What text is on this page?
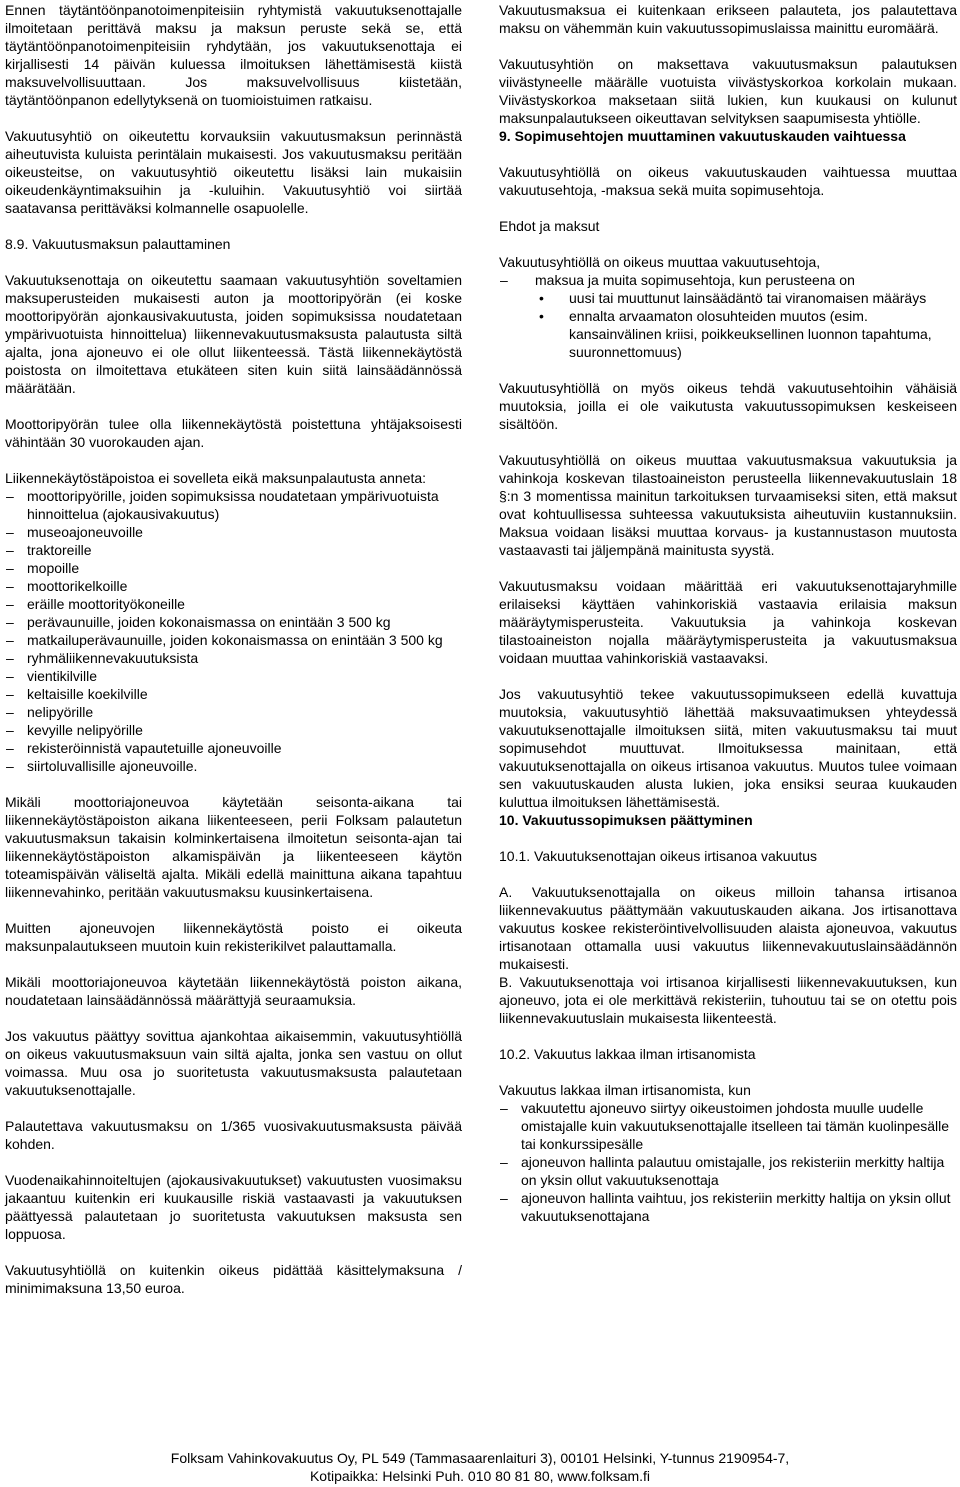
Ennen täytäntöönpanotoimenpiteisiin ryhtymistä vakuutuksenottajalle ilmoitetaan perittävä maksu ja maksun peruste sekä se, että täytäntöönpanotoimenpiteisiin ryhdytään, jos vakuutuksenottaja ei kirjallisesti 14 päivän kuluessa ilmoituksen lähettämisestä kiistä maksuvelvollisuuttaan. Jos maksuvelvollisuus kiistetään, täytäntöönpanon edellytyksenä on tuomioistuimen ratkaisu.

Vakuutusyhtiö on oikeutettu korvauksiin vakuutusmaksun perinnästä aiheutuvista kuluista perintälain mukaisesti. Jos vakuutusmaksu peritään oikeusteitse, on vakuutusyhtiö oikeutettu lisäksi lain mukaisiin oikeudenkäyntimaksuihin ja -kuluihin. Vakuutusyhtiö voi siirtää saatavansa perittäväksi kolmannelle osapuolelle.

8.9. Vakuutusmaksun palauttaminen

Vakuutuksenottaja on oikeutettu saamaan vakuutusyhtiön soveltamien maksuperusteiden mukaisesti auton ja moottoripyörän (ei koske moottoripyörän ajonkausivakuutusta, joiden sopimuksissa noudatetaan ympärivuotuista hinnoittelua) liikennevakuutusmaksusta palautusta siltä ajalta, jona ajoneuvo ei ole ollut liikenteessä. Tästä liikennekäytöstä poistosta on ilmoitettava etukäteen siten kuin siitä lainsäädännössä määrätään.

Moottoripyörän tulee olla liikennekäytöstä poistettuna yhtäjaksoisesti vähintään 30 vuorokauden ajan.

Liikennekäytöstäpoistoa ei sovelleta eikä maksunpalautusta anneta:

– moottoripyörille, joiden sopimuksissa noudatetaan ympärivuotuista hinnoittelua (ajokausivakuutus)
– museoajoneuvoille
– traktoreille
– mopoille
– moottorikelkoille
– eräille moottorityökoneille
– perävaunuille, joiden kokonaismassa on enintään 3 500 kg
– matkailuperävaunuille, joiden kokonaismassa on enintään 3 500 kg
– ryhmäliikennevakuutuksista
– vientikilville
– keltaisille koekilville
– nelipyörille
– kevyille nelipyörille
– rekisteröinnistä vapautetuille ajoneuvoille
– siirtoluvallisille ajoneuvoille.

Mikäli moottoriajoneuvoa käytetään seisonta-aikana tai liikennekäytöstäpoiston aikana liikenteeseen, perii Folksam palautetun vakuutusmaksun takaisin kolminkertaisena ilmoitetun seisonta-ajan tai liikennekäytöstäpoiston alkamispäivän ja liikenteeseen käytön toteamispäivän väliseltä ajalta. Mikäli edellä mainittuna aikana tapahtuu liikennevahinko, peritään vakuutusmaksu kuusinkertaisena.

Muitten ajoneuvojen liikennekäytöstä poisto ei oikeuta maksunpalautukseen muutoin kuin rekisterikilvet palauttamalla.

Mikäli moottoriajoneuvoa käytetään liikennekäytöstä poiston aikana, noudatetaan lainsäädännössä määrättyjä seuraamuksia.

Jos vakuutus päättyy sovittua ajankohtaa aikaisemmin, vakuutusyhtiöllä on oikeus vakuutusmaksuun vain siltä ajalta, jonka sen vastuu on ollut voimassa. Muu osa jo suoritetusta vakuutusmaksusta palautetaan vakuutuksenottajalle.

Palautettava vakuutusmaksu on 1/365 vuosivakuutusmaksusta päivää kohden.

Vuodenaikahinnoiteltujen (ajokausivakuutukset) vakuutusten vuosimaksu jakaantuu kuitenkin eri kuukausille riskiä vastaavasti ja vakuutuksen päättyessä palautetaan jo suoritetusta vakuutuksen maksusta sen loppuosa.

Vakuutusyhtiöllä on kuitenkin oikeus pidättää käsittelymaksuna / minimimaksuna 13,50 euroa.

Vakuutusmaksua ei kuitenkaan erikseen palauteta, jos palautettava maksu on vähemmän kuin vakuutussopimuslaissa mainittu euromäärä.

Vakuutusyhtiön on maksettava vakuutusmaksun palautuksen viivästyneelle määrälle vuotuista viivästyskorkoa korkolain mukaan. Viivästyskorkoa maksetaan siitä lukien, kun kuukausi on kulunut maksunpalautukseen oikeuttavan selvityksen saapumisesta yhtiölle.

9. Sopimusehtojen muuttaminen vakuutuskauden vaihtuessa

Vakuutusyhtiöllä on oikeus vakuutuskauden vaihtuessa muuttaa vakuutusehtoja, -maksua sekä muita sopimusehtoja.

Ehdot ja maksut

Vakuutusyhtiöllä on oikeus muuttaa vakuutusehtoja,

– maksua ja muita sopimusehtoja, kun perusteena on
• uusi tai muuttunut lainsäädäntö tai viranomaisen määräys
• ennalta arvaamaton olosuhteiden muutos (esim. kansainvälinen kriisi, poikkeuksellinen luonnon tapahtuma, suuronnettomuus)

Vakuutusyhtiöllä on myös oikeus tehdä vakuutusehtoihin vähäisiä muutoksia, joilla ei ole vaikutusta vakuutussopimuksen keskeiseen sisältöön.

Vakuutusyhtiöllä on oikeus muuttaa vakuutusmaksua vakuutuksia ja vahinkoja koskevan tilastoaineiston perusteella liikennevakuutuslain 18 §:n 3 momentissa mainitun tarkoituksen turvaamiseksi siten, että maksut ovat kohtuullisessa suhteessa vakuutuksista aiheutuviin kustannuksiin. Maksua voidaan lisäksi muuttaa korvaus- ja kustannustason muutosta vastaavasti tai jäljempänä mainitusta syystä.

Vakuutusmaksu voidaan määrittää eri vakuutuksenottajaryhmille erilaiseksi käyttäen vahinkoriskiä vastaavia erilaisia maksun määräytymisperusteita. Vakuutuksia ja vahinkoja koskevan tilastoaineiston nojalla määräytymisperusteita ja vakuutusmaksua voidaan muuttaa vahinkoriskiä vastaavaksi.

Jos vakuutusyhtiö tekee vakuutussopimukseen edellä kuvattuja muutoksia, vakuutusyhtiö lähettää maksuvaatimuksen yhteydessä vakuutuksenottajalle ilmoituksen siitä, miten vakuutusmaksu tai muut sopimusehdot muuttuvat. Ilmoituksessa mainitaan, että vakuutuksenottajalla on oikeus irtisanoa vakuutus. Muutos tulee voimaan sen vakuutuskauden alusta lukien, joka ensiksi seuraa kuukauden kuluttua ilmoituksen lähettämisestä.

10. Vakuutussopimuksen päättyminen

10.1. Vakuutuksenottajan oikeus irtisanoa vakuutus

A. Vakuutuksenottajalla on oikeus milloin tahansa irtisanoa liikennevakuutus päättymään vakuutuskauden aikana. Jos irtisanottava vakuutus koskee rekisteröintivelvollisuuden alaista ajoneuvoa, vakuutus irtisanotaan ottamalla uusi vakuutus liikennevakuutuslainsäädännön mukaisesti.

B. Vakuutuksenottaja voi irtisanoa kirjallisesti liikennevakuutuksen, kun ajoneuvo, jota ei ole merkittävä rekisteriin, tuhoutuu tai se on otettu pois liikennevakuutuslain mukaisesta liikenteestä.

10.2. Vakuutus lakkaa ilman irtisanomista

Vakuutus lakkaa ilman irtisanomista, kun

– vakuutettu ajoneuvo siirtyy oikeustoimen johdosta muulle uudelle omistajalle kuin vakuutuksenottajalle itselleen tai tämän kuolinpesälle tai konkurssipesälle
– ajoneuvon hallinta palautuu omistajalle, jos rekisteriin merkitty haltija on yksin ollut vakuutuksenottaja
– ajoneuvon hallinta vaihtuu, jos rekisteriin merkitty haltija on yksin ollut vakuutuksenottajana
Folksam Vahinkovakuutus Oy, PL 549 (Tammasaarenlaituri 3), 00101 Helsinki, Y-tunnus 2190954-7,
Kotipaikka: Helsinki Puh. 010 80 81 80, www.folksam.fi
